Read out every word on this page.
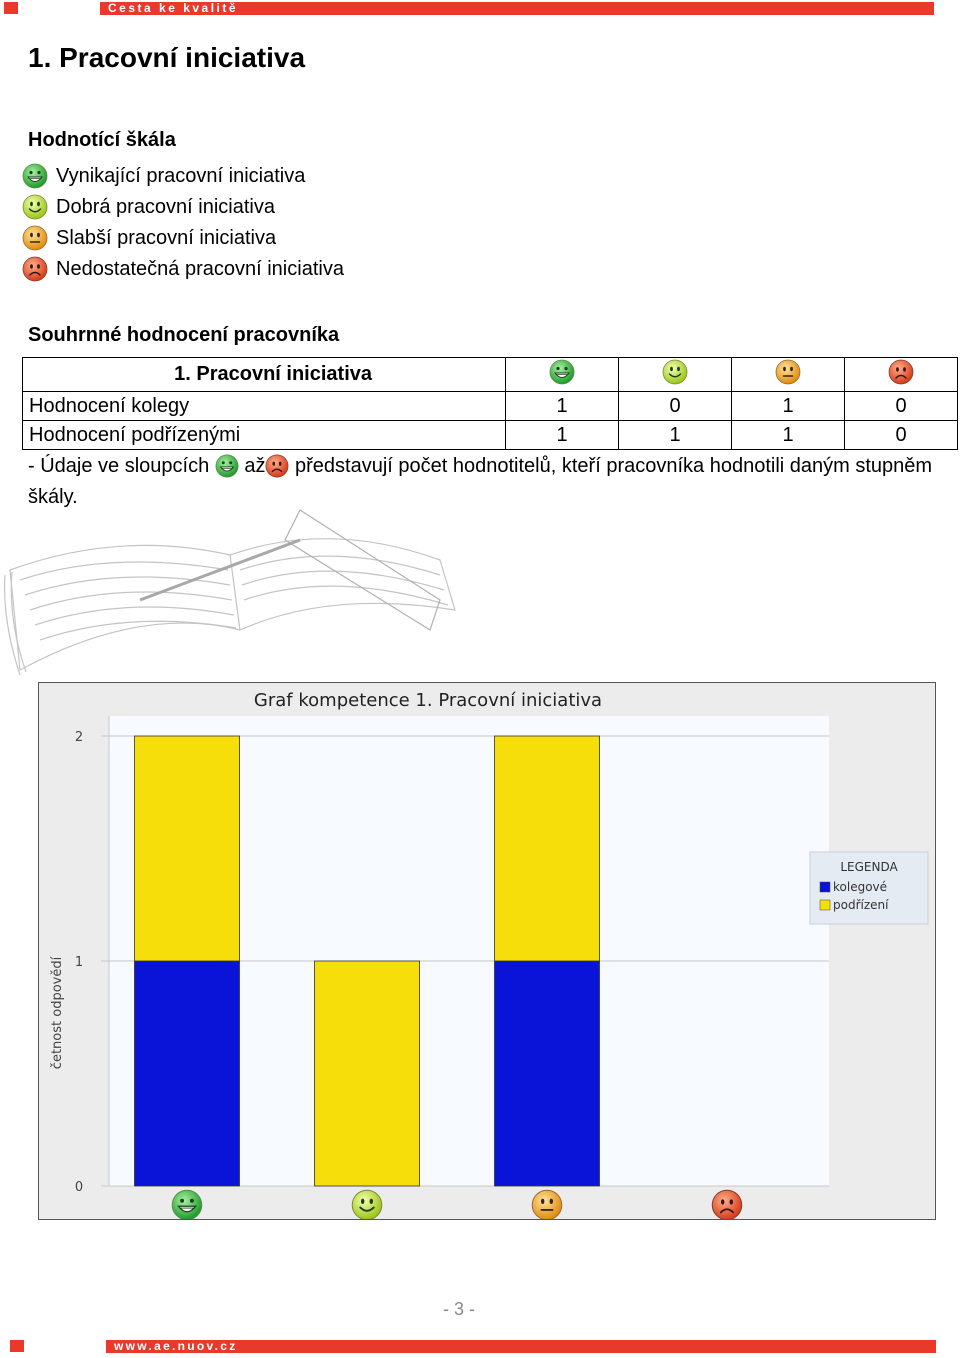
Cesta ke kvalitě
1. Pracovní iniciativa
Hodnotící škála
Vynikající pracovní iniciativa
Dobrá pracovní iniciativa
Slabší pracovní iniciativa
Nedostatečná pracovní iniciativa
Souhrnné hodnocení pracovníka
1. Pracovní iniciativa				
Hodnocení kolegy	1	0	1	0
Hodnocení podřízenými	1	1	1	0
- Údaje ve sloupcích až představují počet hodnotitelů, kteří pracovníka hodnotili daným stupněm škály.
Graf kompetence 1. Pracovní iniciativa
četnost odpovědí
0
1
2
LEGENDA
kolegové
podřízení
- 3 -
www.ae.nuov.cz
